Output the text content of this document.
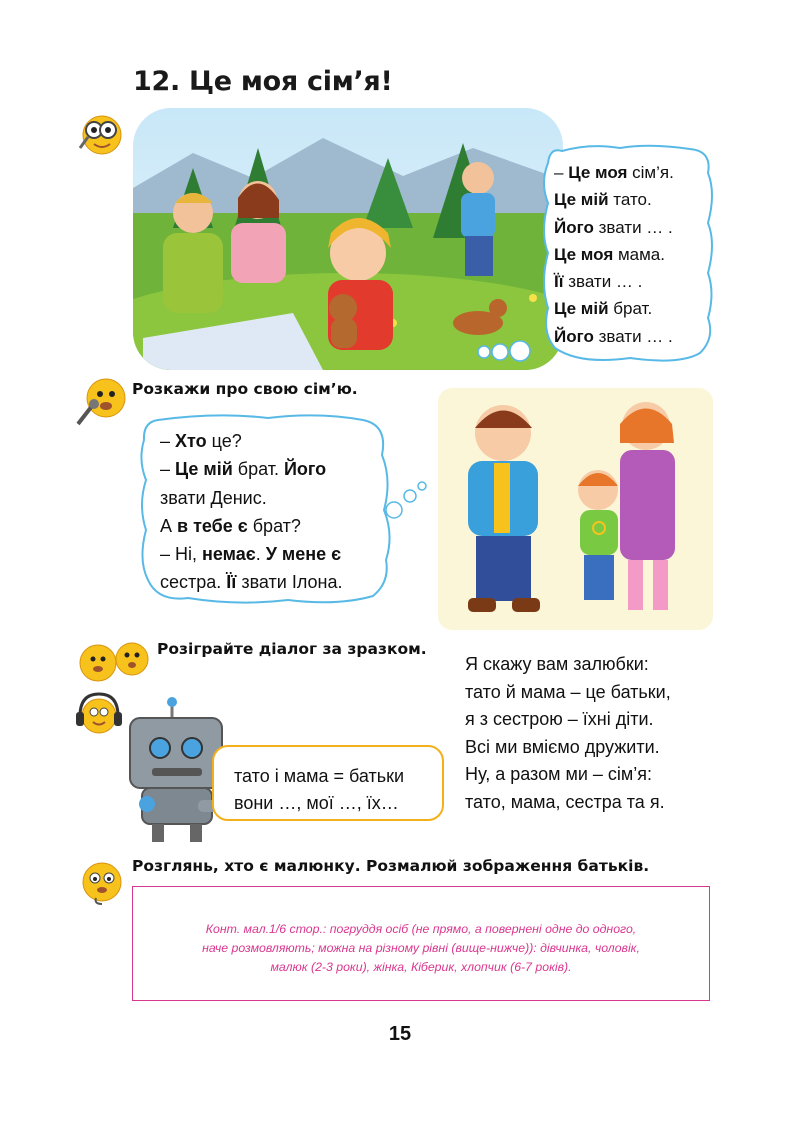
12. Це моя сім’я!
– Це моя сім’я.
Це мій тато.
Його звати … .
Це моя мама.
Її звати … .
Це мій брат.
Його звати … .
Розкажи про свою сім’ю.
– Хто це?
– Це мій брат. Його
звати Денис.
А в тебе є брат?
– Ні, немає. У мене є
сестра. Її звати Ілона.
Розіграйте діалог за зразком.
Я скажу вам залюбки:
тато й мама – це батьки,
я з сестрою – їхні діти.
Всі ми вміємо дружити.
Ну, а разом ми – сім’я:
тато, мама, сестра та я.
тато і мама = батьки
вони …, мої …, їх…
Розглянь, хто є малюнку. Розмалюй зображення батьків.
Конт. мал.1/6 стор.: погруддя осіб (не прямо, а повернені одне до одного,
наче розмовляють; можна на різному рівні (вище-нижче)): дівчинка, чоловік,
малюк (2-3 роки), жінка, Кіберик, хлопчик (6-7 років).
15
